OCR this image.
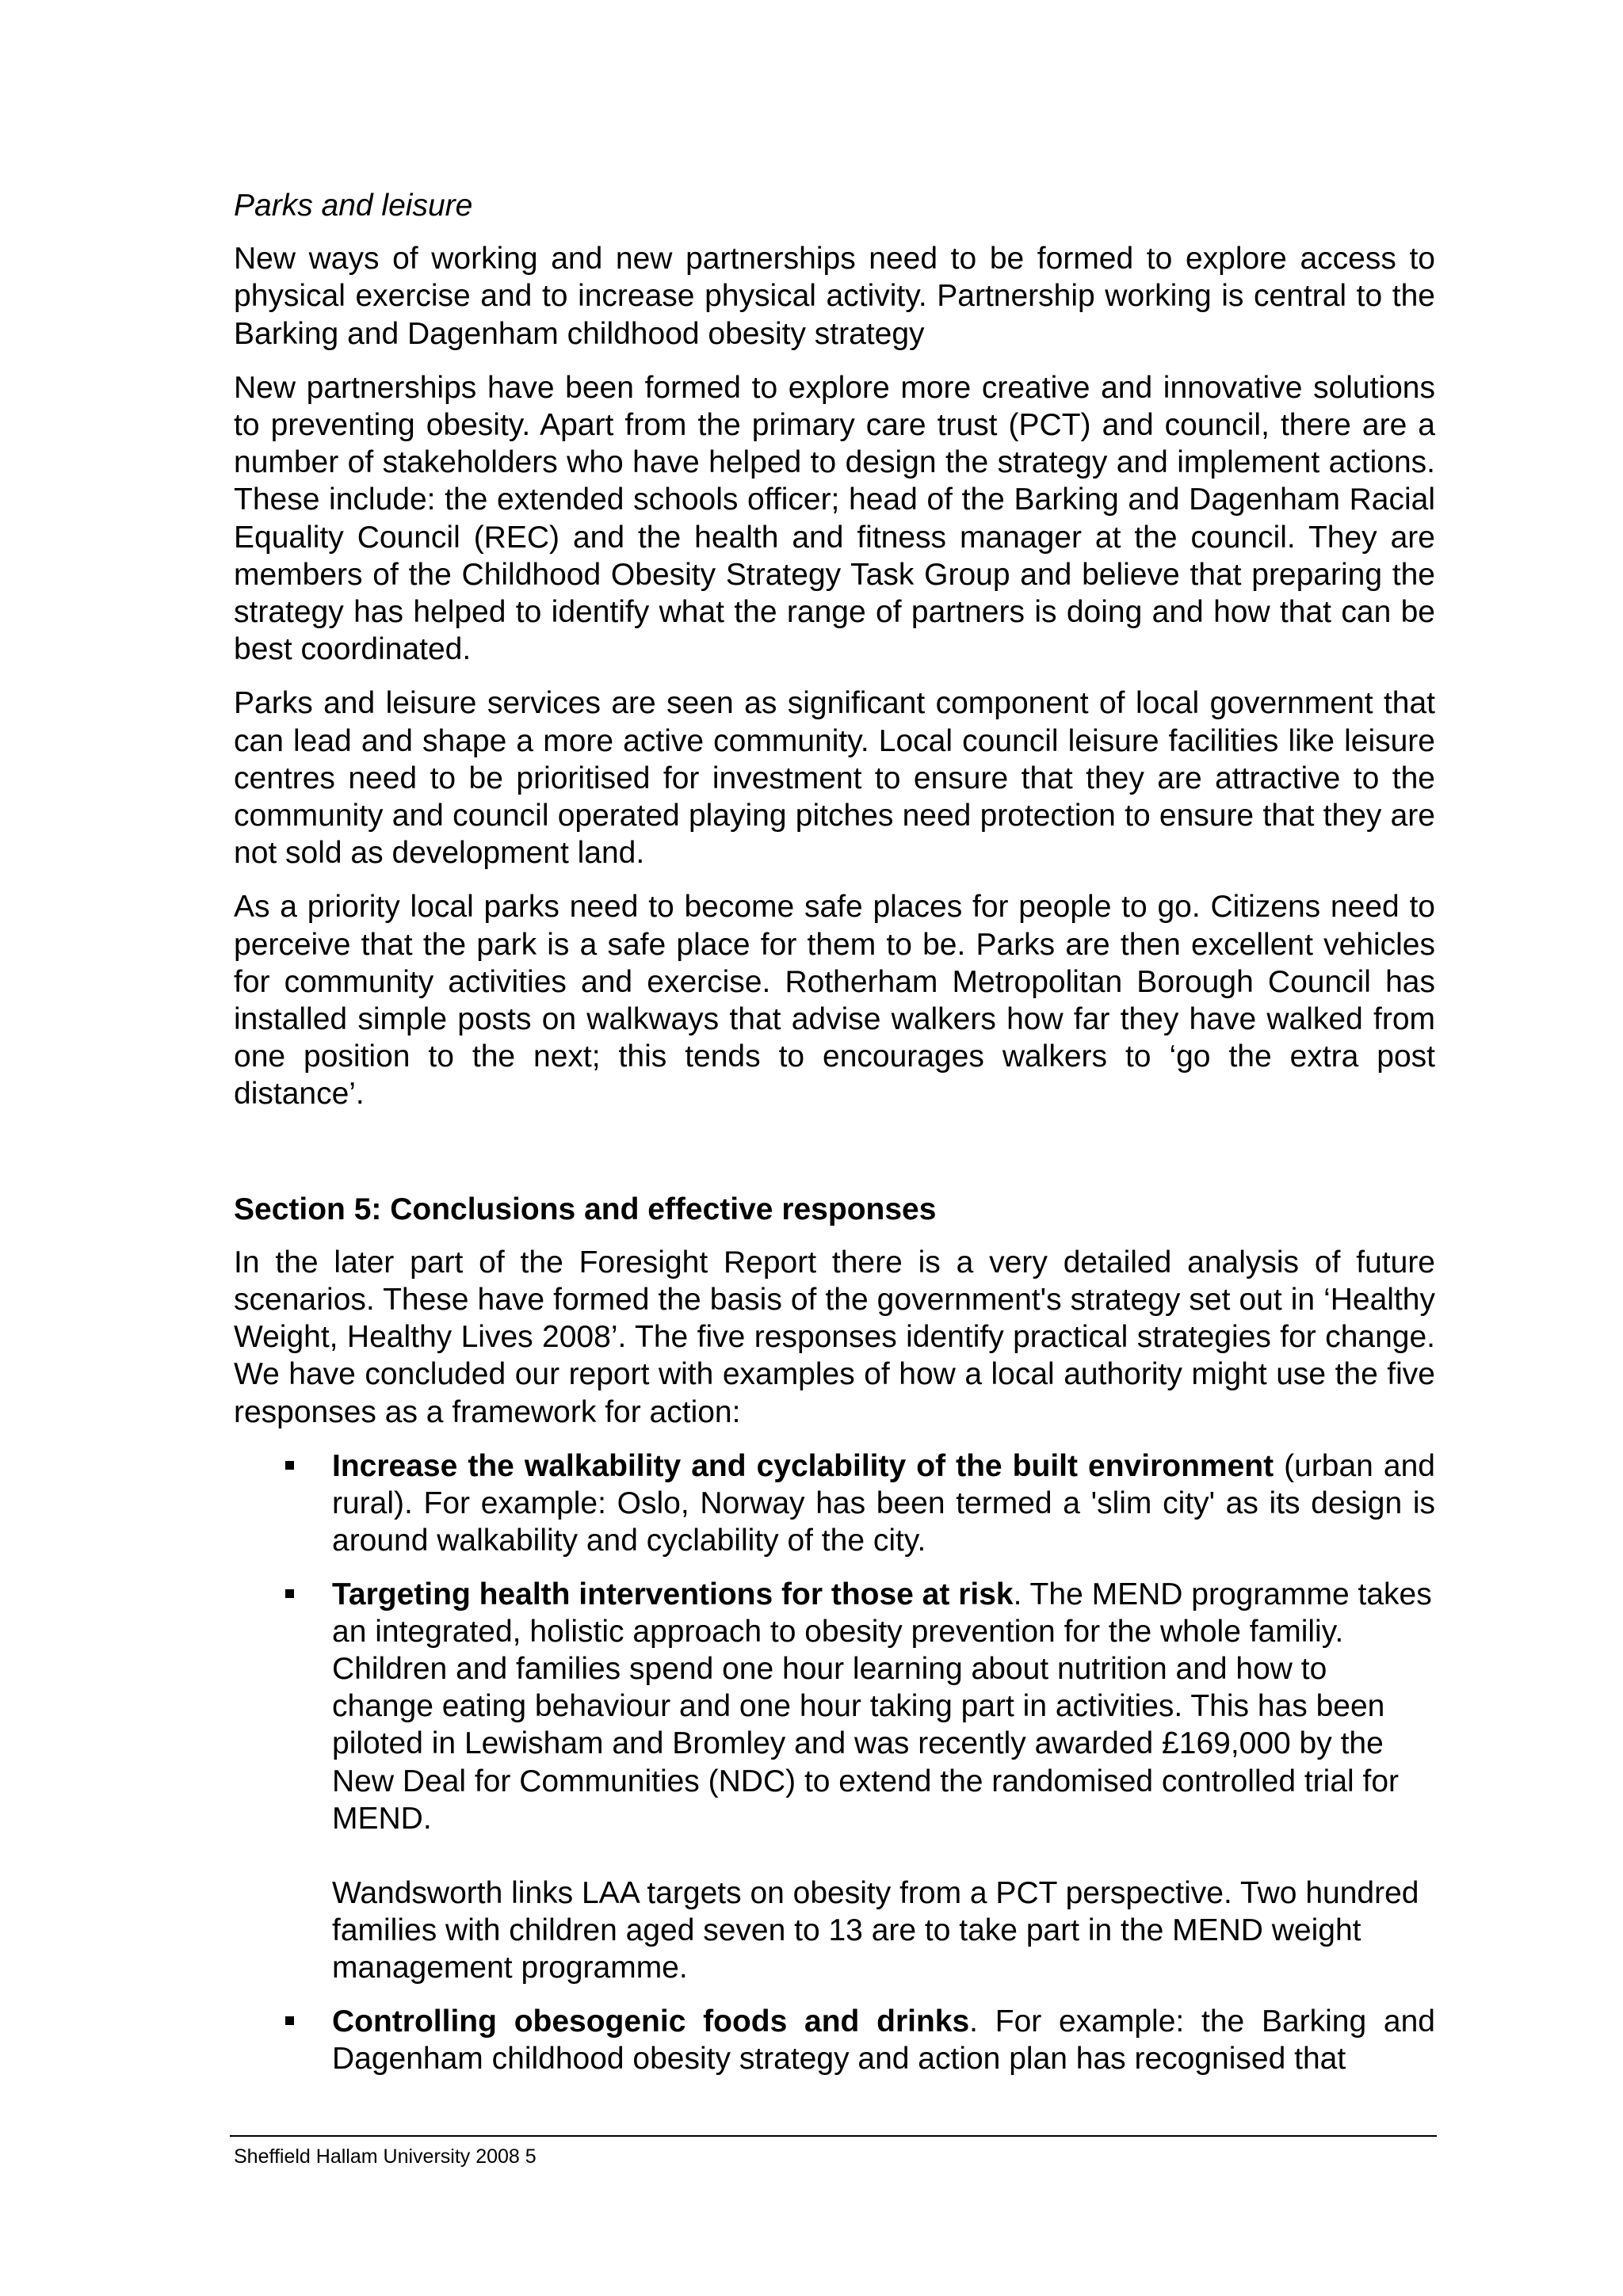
Parks and leisure

New ways of working and new partnerships need to be formed to explore access to physical exercise and to increase physical activity. Partnership working is central to the Barking and Dagenham childhood obesity strategy

New partnerships have been formed to explore more creative and innovative solutions to preventing obesity. Apart from the primary care trust (PCT) and council, there are a number of stakeholders who have helped to design the strategy and implement actions. These include: the extended schools officer; head of the Barking and Dagenham Racial Equality Council (REC) and the health and fitness manager at the council. They are members of the Childhood Obesity Strategy Task Group and believe that preparing the strategy has helped to identify what the range of partners is doing and how that can be best coordinated.

Parks and leisure services are seen as significant component of local government that can lead and shape a more active community. Local council leisure facilities like leisure centres need to be prioritised for investment to ensure that they are attractive to the community and council operated playing pitches need protection to ensure that they are not sold as development land.

As a priority local parks need to become safe places for people to go. Citizens need to perceive that the park is a safe place for them to be. Parks are then excellent vehicles for community activities and exercise. Rotherham Metropolitan Borough Council has installed simple posts on walkways that advise walkers how far they have walked from one position to the next; this tends to encourages walkers to ‘go the extra post distance’.

Section 5: Conclusions and effective responses

In the later part of the Foresight Report there is a very detailed analysis of future scenarios. These have formed the basis of the government's strategy set out in ‘Healthy Weight, Healthy Lives 2008’. The five responses identify practical strategies for change. We have concluded our report with examples of how a local authority might use the five responses as a framework for action:

Increase the walkability and cyclability of the built environment (urban and rural). For example: Oslo, Norway has been termed a 'slim city' as its design is around walkability and cyclability of the city.
Targeting health interventions for those at risk. The MEND programme takes an integrated, holistic approach to obesity prevention for the whole familiy. Children and families spend one hour learning about nutrition and how to change eating behaviour and one hour taking part in activities. This has been piloted in Lewisham and Bromley and was recently awarded £169,000 by the New Deal for Communities (NDC) to extend the randomised controlled trial for MEND.
Wandsworth links LAA targets on obesity from a PCT perspective. Two hundred families with children aged seven to 13 are to take part in the MEND weight management programme.
Controlling obesogenic foods and drinks. For example: the Barking and Dagenham childhood obesity strategy and action plan has recognised that
Sheffield Hallam University 2008 5
